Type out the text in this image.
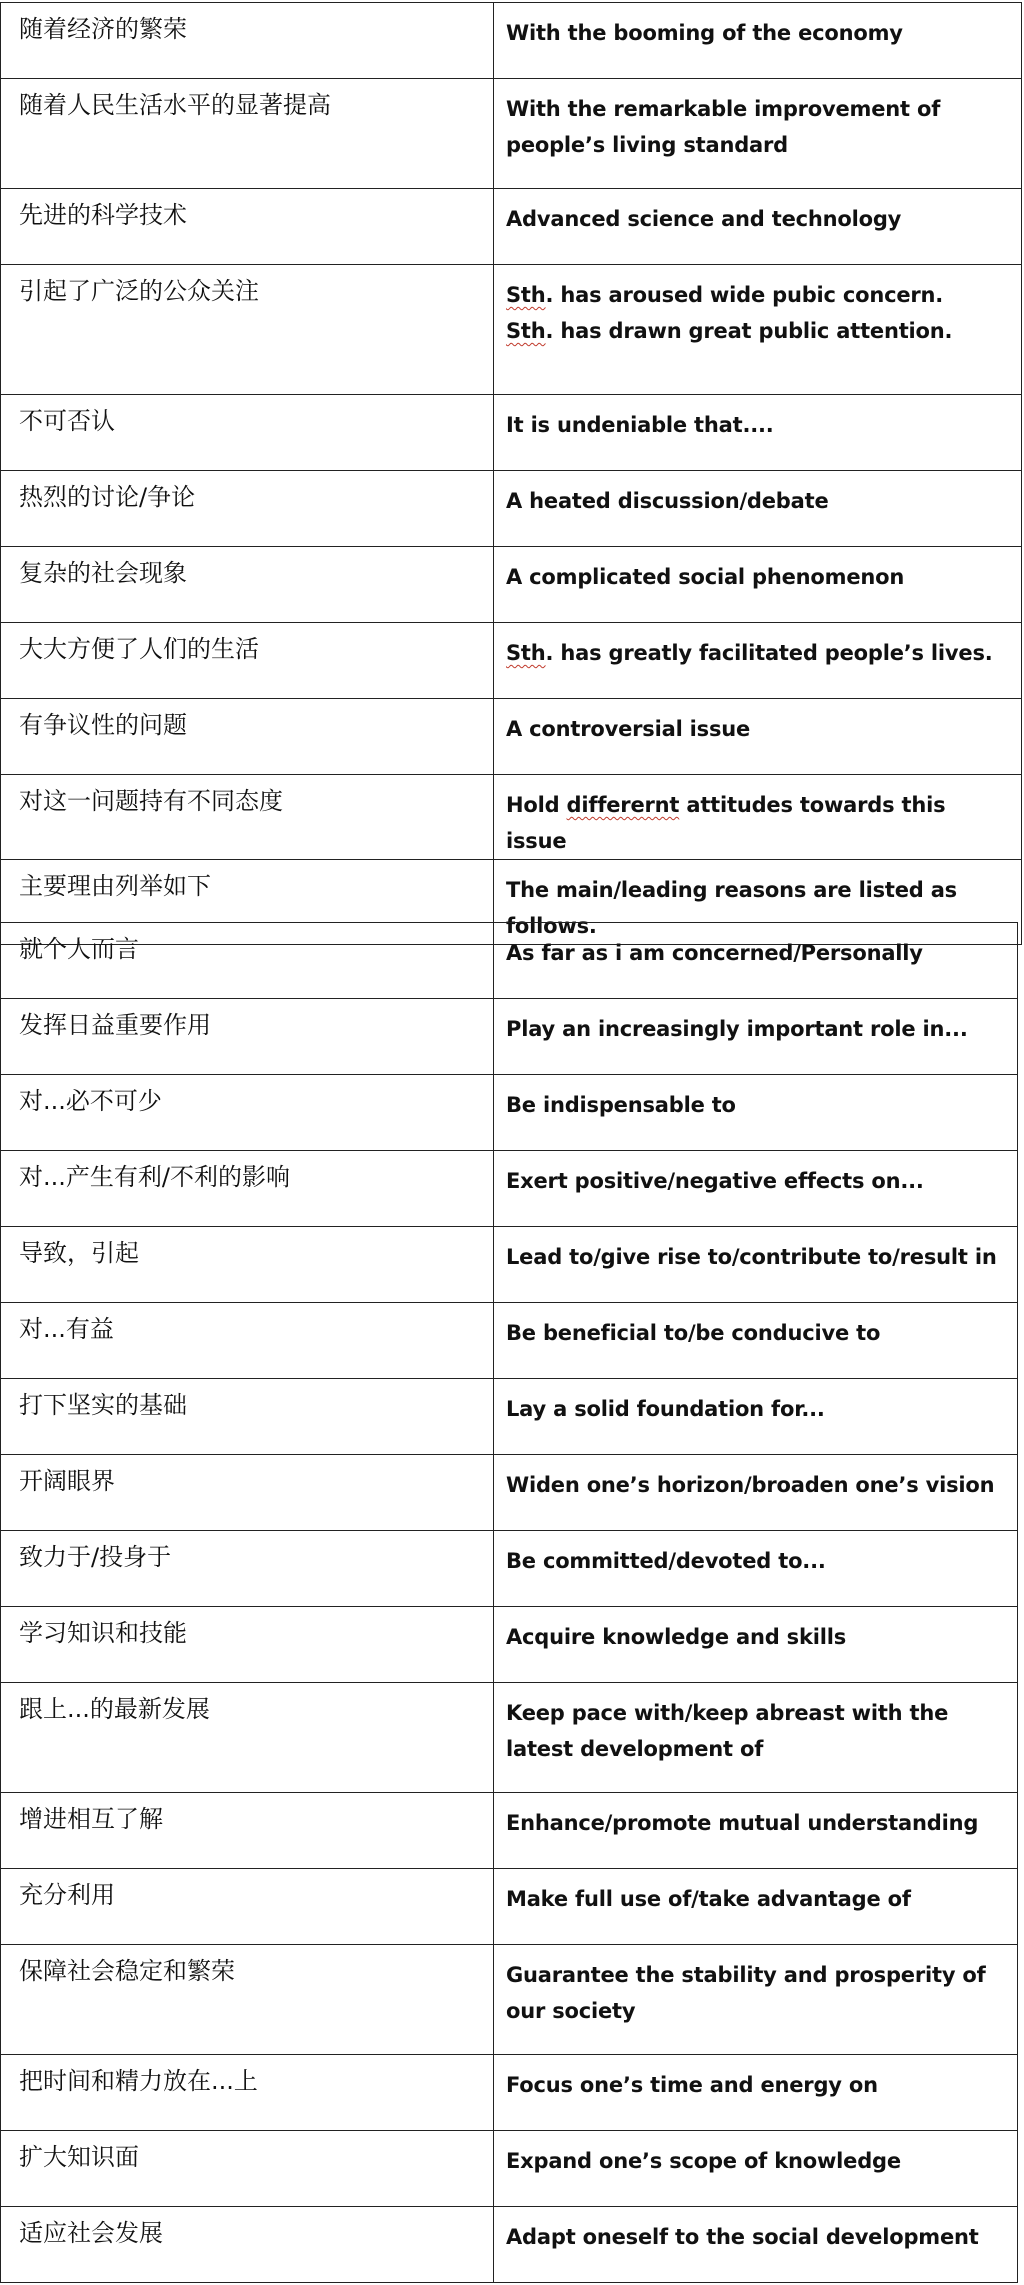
随着经济的繁荣	With the booming of the economy

随着人民生活水平的显著提高	With the remarkable improvement of people’s living standard

先进的科学技术	Advanced science and technology

引起了广泛的公众关注	Sth. has aroused wide pubic concern.
Sth. has drawn great public attention.

不可否认	It is undeniable that....

热烈的讨论/争论	A heated discussion/debate

复杂的社会现象	A complicated social phenomenon

大大方便了人们的生活	Sth. has greatly facilitated people’s lives.

有争议性的问题	A controversial issue

对这一问题持有不同态度	Hold differernt attitudes towards this issue

主要理由列举如下	The main/leading reasons are listed as follows.
就个人而言	As far as i am concerned/Personally

发挥日益重要作用	Play an increasingly important role in...

对...必不可少	Be indispensable to

对...产生有利/不利的影响	Exert positive/negative effects on...

导致，引起	Lead to/give rise to/contribute to/result in

对...有益	Be beneficial to/be conducive to

打下坚实的基础	Lay a solid foundation for...

开阔眼界	Widen one’s horizon/broaden one’s vision

致力于/投身于	Be committed/devoted to...

学习知识和技能	Acquire knowledge and skills

跟上...的最新发展	Keep pace with/keep abreast with the latest development of

增进相互了解	Enhance/promote mutual understanding

充分利用	Make full use of/take advantage of

保障社会稳定和繁荣	Guarantee the stability and prosperity of our society

把时间和精力放在...上	Focus one’s time and energy on

扩大知识面	Expand one’s scope of knowledge

适应社会发展	Adapt oneself to the social development
